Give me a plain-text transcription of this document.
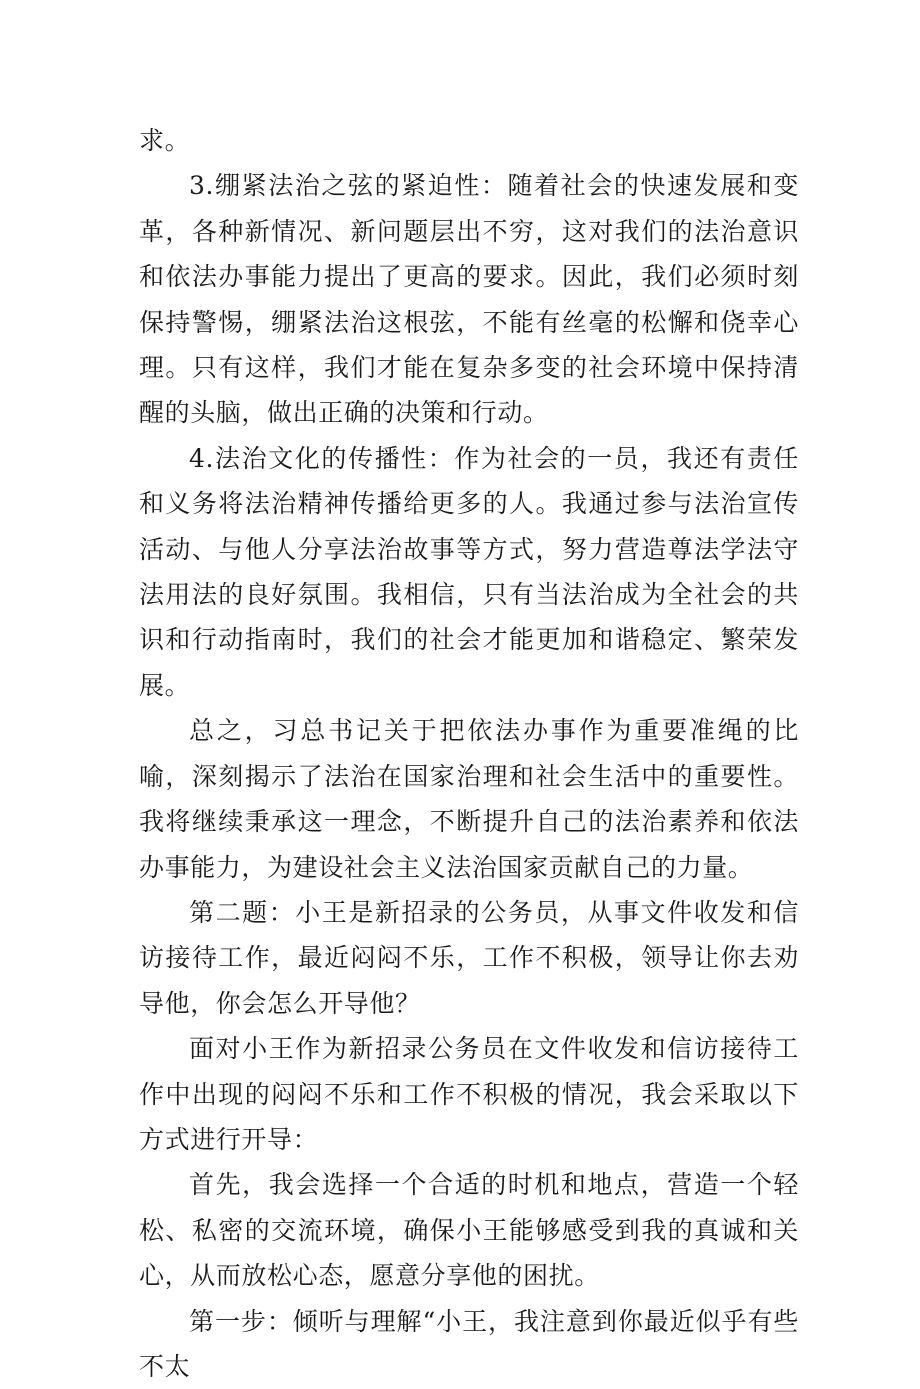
求。

3.绷紧法治之弦的紧迫性：随着社会的快速发展和变革，各种新情况、新问题层出不穷，这对我们的法治意识和依法办事能力提出了更高的要求。因此，我们必须时刻保持警惕，绷紧法治这根弦，不能有丝毫的松懈和侥幸心理。只有这样，我们才能在复杂多变的社会环境中保持清醒的头脑，做出正确的决策和行动。

4.法治文化的传播性：作为社会的一员，我还有责任和义务将法治精神传播给更多的人。我通过参与法治宣传活动、与他人分享法治故事等方式，努力营造尊法学法守法用法的良好氛围。我相信，只有当法治成为全社会的共识和行动指南时，我们的社会才能更加和谐稳定、繁荣发展。

总之，习总书记关于把依法办事作为重要准绳的比喻，深刻揭示了法治在国家治理和社会生活中的重要性。我将继续秉承这一理念，不断提升自己的法治素养和依法办事能力，为建设社会主义法治国家贡献自己的力量。

第二题：小王是新招录的公务员，从事文件收发和信访接待工作，最近闷闷不乐，工作不积极，领导让你去劝导他，你会怎么开导他？

面对小王作为新招录公务员在文件收发和信访接待工作中出现的闷闷不乐和工作不积极的情况，我会采取以下方式进行开导：

首先，我会选择一个合适的时机和地点，营造一个轻松、私密的交流环境，确保小王能够感受到我的真诚和关心，从而放松心态，愿意分享他的困扰。

第一步：倾听与理解“小王，我注意到你最近似乎有些不太
